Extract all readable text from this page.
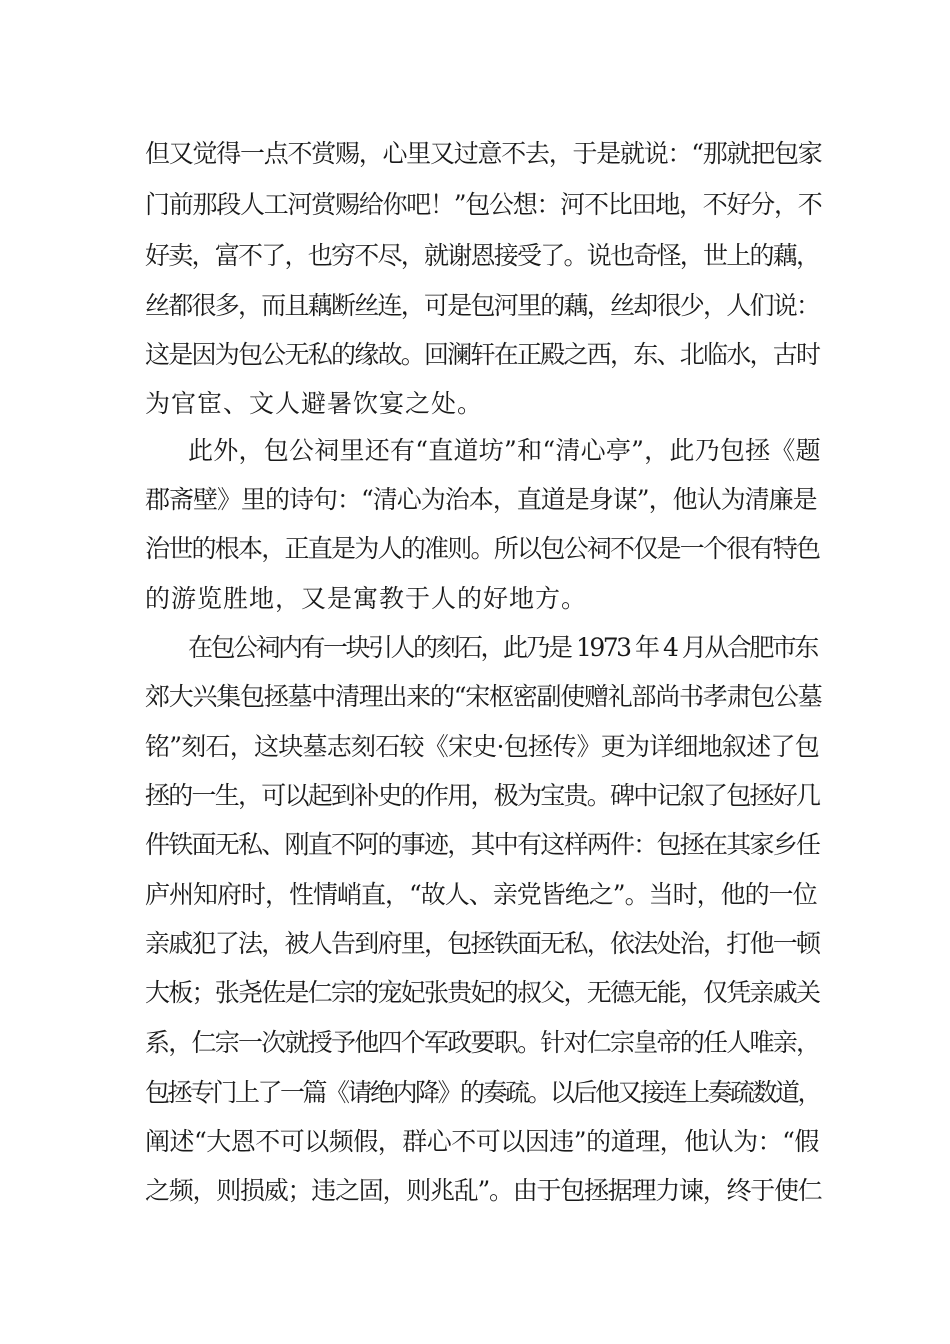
但又觉得一点不赏赐，心里又过意不去，于是就说：“那就把包家
门前那段人工河赏赐给你吧！”包公想：河不比田地，不好分，不
好卖，富不了，也穷不尽，就谢恩接受了。说也奇怪，世上的藕，
丝都很多，而且藕断丝连，可是包河里的藕，丝却很少，人们说：
这是因为包公无私的缘故。回澜轩在正殿之西，东、北临水，古时
为官宦、文人避暑饮宴之处。
此外，包公祠里还有“直道坊”和“清心亭”，此乃包拯《题
郡斋壁》里的诗句：“清心为治本，直道是身谋”，他认为清廉是
治世的根本，正直是为人的准则。所以包公祠不仅是一个很有特色
的游览胜地，又是寓教于人的好地方。
在包公祠内有一块引人的刻石，此乃是 1973 年 4 月从合肥市东
郊大兴集包拯墓中清理出来的“宋枢密副使赠礼部尚书孝肃包公墓
铭”刻石，这块墓志刻石较《宋史·包拯传》更为详细地叙述了包
拯的一生，可以起到补史的作用，极为宝贵。碑中记叙了包拯好几
件铁面无私、刚直不阿的事迹，其中有这样两件：包拯在其家乡任
庐州知府时，性情峭直，“故人、亲党皆绝之”。当时，他的一位
亲戚犯了法，被人告到府里，包拯铁面无私，依法处治，打他一顿
大板；张尧佐是仁宗的宠妃张贵妃的叔父，无德无能，仅凭亲戚关
系，仁宗一次就授予他四个军政要职。针对仁宗皇帝的任人唯亲，
包拯专门上了一篇《请绝内降》的奏疏。以后他又接连上奏疏数道，
阐述“大恩不可以频假，群心不可以因违”的道理，他认为：“假
之频，则损威；违之固，则兆乱”。由于包拯据理力谏，终于使仁
